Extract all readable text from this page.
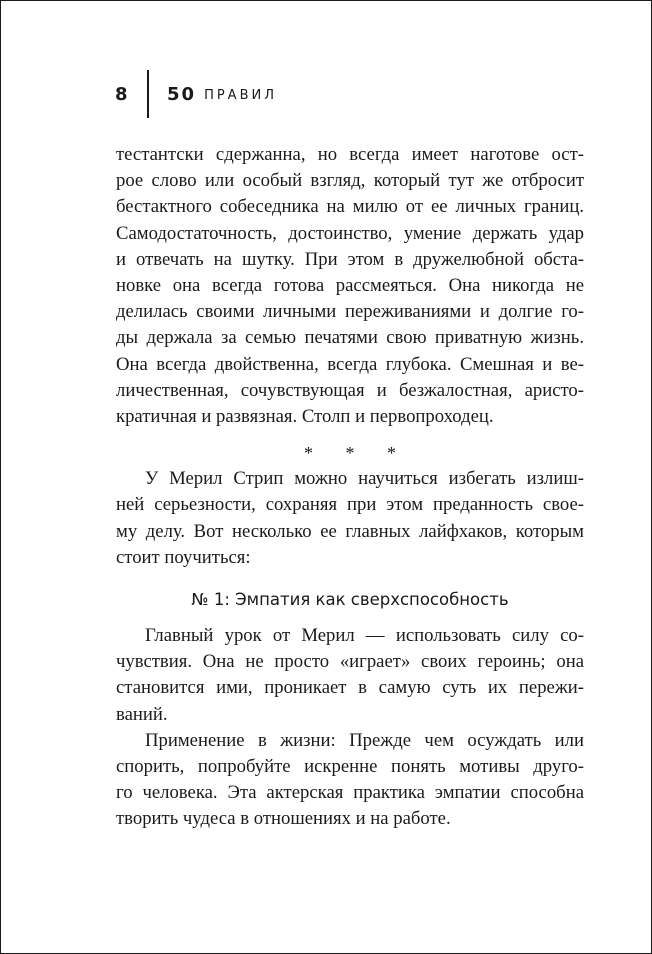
8	50 ПРАВИЛ
тестантски сдержанна, но всегда имеет наготове ост-
рое слово или особый взгляд, который тут же отбросит
бестактного собеседника на милю от ее личных границ.
Самодостаточность, достоинство, умение держать удар
и отвечать на шутку. При этом в дружелюбной обста-
новке она всегда готова рассмеяться. Она никогда не
делилась своими личными переживаниями и долгие го-
ды держала за семью печатями свою приватную жизнь.
Она всегда двойственна, всегда глубока. Смешная и ве-
личественная, сочувствующая и безжалостная, аристо-
кратичная и развязная. Столп и первопроходец.
* * *
У Мерил Стрип можно научиться избегать излиш-
ней серьезности, сохраняя при этом преданность свое-
му делу. Вот несколько ее главных лайфхаков, которым
стоит поучиться:
№ 1: Эмпатия как сверхспособность
Главный урок от Мерил — использовать силу со-
чувствия. Она не просто «играет» своих героинь; она
становится ими, проникает в самую суть их пережи-
ваний.
Применение в жизни: Прежде чем осуждать или
спорить, попробуйте искренне понять мотивы друго-
го человека. Эта актерская практика эмпатии способна
творить чудеса в отношениях и на работе.
